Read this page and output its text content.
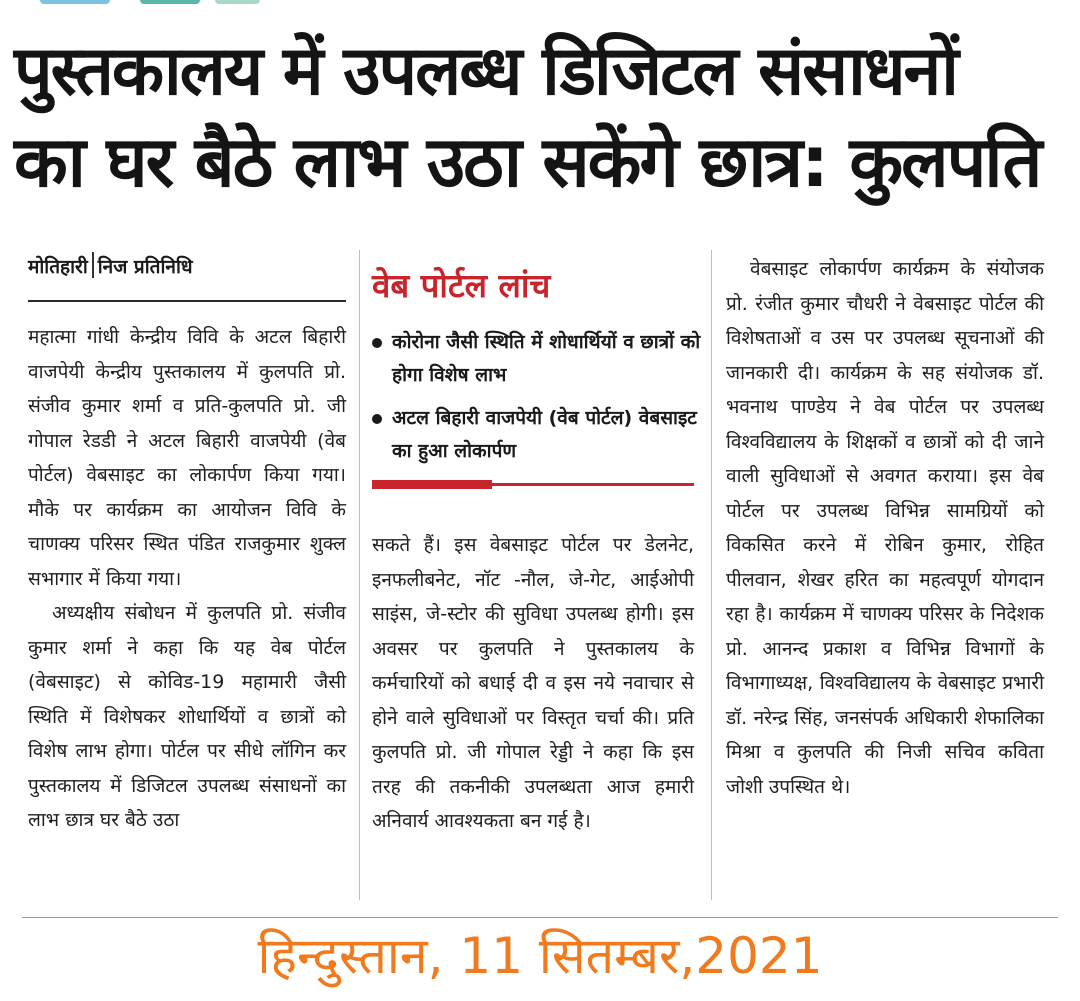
पुस्तकालय में उपलब्ध डिजिटल संसाधनों
का घर बैठे लाभ उठा सकेंगे छात्र: कुलपति
मोतिहारी निज प्रतिनिधि

महात्मा गांधी केन्द्रीय विवि के अटल बिहारी वाजपेयी केन्द्रीय पुस्तकालय में कुलपति प्रो. संजीव कुमार शर्मा व प्रति-कुलपति प्रो. जी गोपाल रेडडी ने अटल बिहारी वाजपेयी (वेब पोर्टल) वेबसाइट का लोकार्पण किया गया। मौके पर कार्यक्रम का आयोजन विवि के चाणक्य परिसर स्थित पंडित राजकुमार शुक्ल सभागार में किया गया।

अध्यक्षीय संबोधन में कुलपति प्रो. संजीव कुमार शर्मा ने कहा कि यह वेब पोर्टल (वेबसाइट) से कोविड-19 महामारी जैसी स्थिति में विशेषकर शोधार्थियों व छात्रों को विशेष लाभ होगा। पोर्टल पर सीधे लॉगिन कर पुस्तकालय में डिजिटल उपलब्ध संसाधनों का लाभ छात्र घर बैठे उठा

वेब पोर्टल लांच
कोरोना जैसी स्थिति में शोधार्थियों व छात्रों को होगा विशेष लाभ
अटल बिहारी वाजपेयी (वेब पोर्टल) वेबसाइट का हुआ लोकार्पण

सकते हैं। इस वेबसाइट पोर्टल पर डेलनेट, इनफलीबनेट, नॉट -नौल, जे-गेट, आईओपी साइंस, जे-स्टोर की सुविधा उपलब्ध होगी। इस अवसर पर कुलपति ने पुस्तकालय के कर्मचारियों को बधाई दी व इस नये नवाचार से होने वाले सुविधाओं पर विस्तृत चर्चा की। प्रति कुलपति प्रो. जी गोपाल रेड्डी ने कहा कि इस तरह की तकनीकी उपलब्धता आज हमारी अनिवार्य आवश्यकता बन गई है।

वेबसाइट लोकार्पण कार्यक्रम के संयोजक प्रो. रंजीत कुमार चौधरी ने वेबसाइट पोर्टल की विशेषताओं व उस पर उपलब्ध सूचनाओं की जानकारी दी। कार्यक्रम के सह संयोजक डॉ. भवनाथ पाण्डेय ने वेब पोर्टल पर उपलब्ध विश्वविद्यालय के शिक्षकों व छात्रों को दी जाने वाली सुविधाओं से अवगत कराया। इस वेब पोर्टल पर उपलब्ध विभिन्न सामग्रियों को विकसित करने में रोबिन कुमार, रोहित पीलवान, शेखर हरित का महत्वपूर्ण योगदान रहा है। कार्यक्रम में चाणक्य परिसर के निदेशक प्रो. आनन्द प्रकाश व विभिन्न विभागों के विभागाध्यक्ष, विश्वविद्यालय के वेबसाइट प्रभारी डॉ. नरेन्द्र सिंह, जनसंपर्क अधिकारी शेफालिका मिश्रा व कुलपति की निजी सचिव कविता जोशी उपस्थित थे।

हिन्दुस्तान, 11 सितम्बर,2021
